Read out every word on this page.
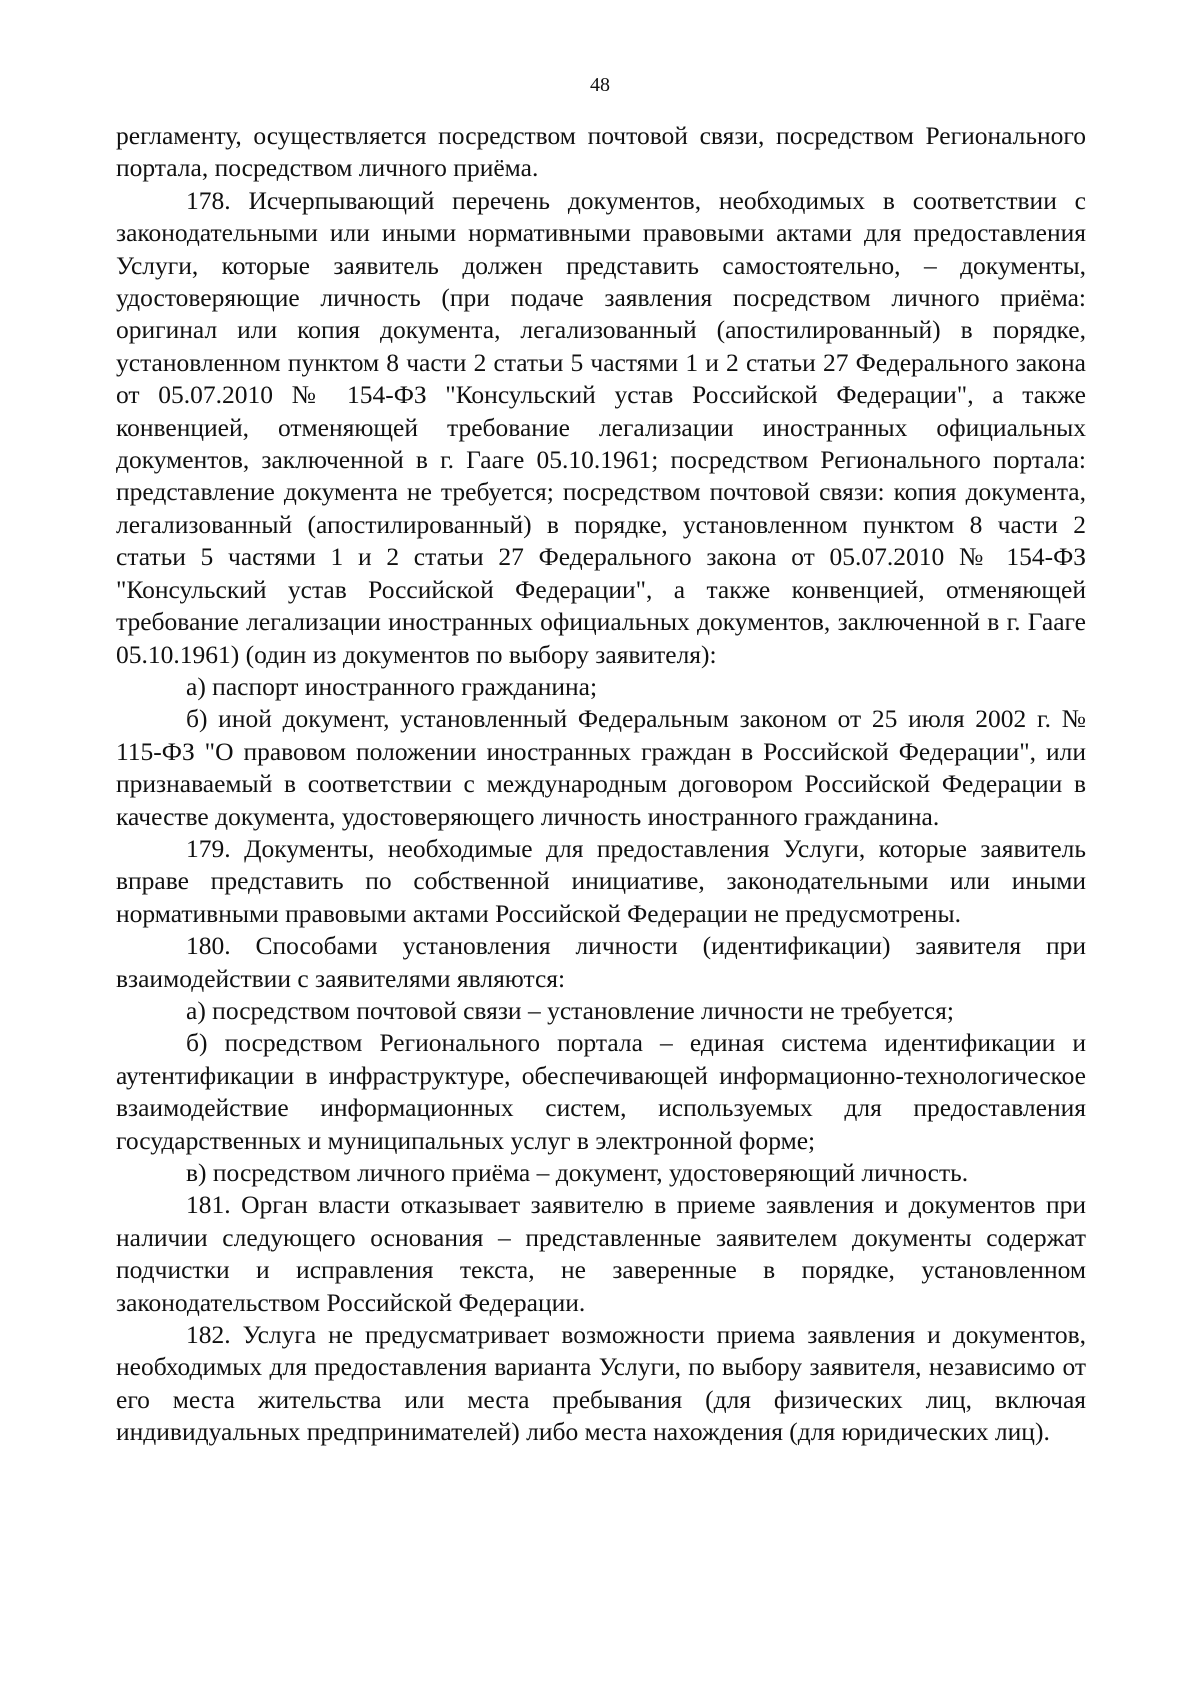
48

регламенту, осуществляется посредством почтовой связи, посредством Регионального портала, посредством личного приёма.

178. Исчерпывающий перечень документов, необходимых в соответствии с законодательными или иными нормативными правовыми актами для предоставления Услуги, которые заявитель должен представить самостоятельно, – документы, удостоверяющие личность (при подаче заявления посредством личного приёма: оригинал или копия документа, легализованный (апостилированный) в порядке, установленном пунктом 8 части 2 статьи 5 частями 1 и 2 статьи 27 Федерального закона от 05.07.2010 № 154-ФЗ "Консульский устав Российской Федерации", а также конвенцией, отменяющей требование легализации иностранных официальных документов, заключенной в г. Гааге 05.10.1961; посредством Регионального портала: представление документа не требуется; посредством почтовой связи: копия документа, легализованный (апостилированный) в порядке, установленном пунктом 8 части 2 статьи 5 частями 1 и 2 статьи 27 Федерального закона от 05.07.2010 № 154-ФЗ "Консульский устав Российской Федерации", а также конвенцией, отменяющей требование легализации иностранных официальных документов, заключенной в г. Гааге 05.10.1961) (один из документов по выбору заявителя):

а) паспорт иностранного гражданина;

б) иной документ, установленный Федеральным законом от 25 июля 2002 г. № 115-ФЗ "О правовом положении иностранных граждан в Российской Федерации", или признаваемый в соответствии с международным договором Российской Федерации в качестве документа, удостоверяющего личность иностранного гражданина.

179. Документы, необходимые для предоставления Услуги, которые заявитель вправе представить по собственной инициативе, законодательными или иными нормативными правовыми актами Российской Федерации не предусмотрены.

180. Способами установления личности (идентификации) заявителя при взаимодействии с заявителями являются:

а) посредством почтовой связи – установление личности не требуется;

б) посредством Регионального портала – единая система идентификации и аутентификации в инфраструктуре, обеспечивающей информационно-технологическое взаимодействие информационных систем, используемых для предоставления государственных и муниципальных услуг в электронной форме;

в) посредством личного приёма – документ, удостоверяющий личность.

181. Орган власти отказывает заявителю в приеме заявления и документов при наличии следующего основания – представленные заявителем документы содержат подчистки и исправления текста, не заверенные в порядке, установленном законодательством Российской Федерации.

182. Услуга не предусматривает возможности приема заявления и документов, необходимых для предоставления варианта Услуги, по выбору заявителя, независимо от его места жительства или места пребывания (для физических лиц, включая индивидуальных предпринимателей) либо места нахождения (для юридических лиц).
